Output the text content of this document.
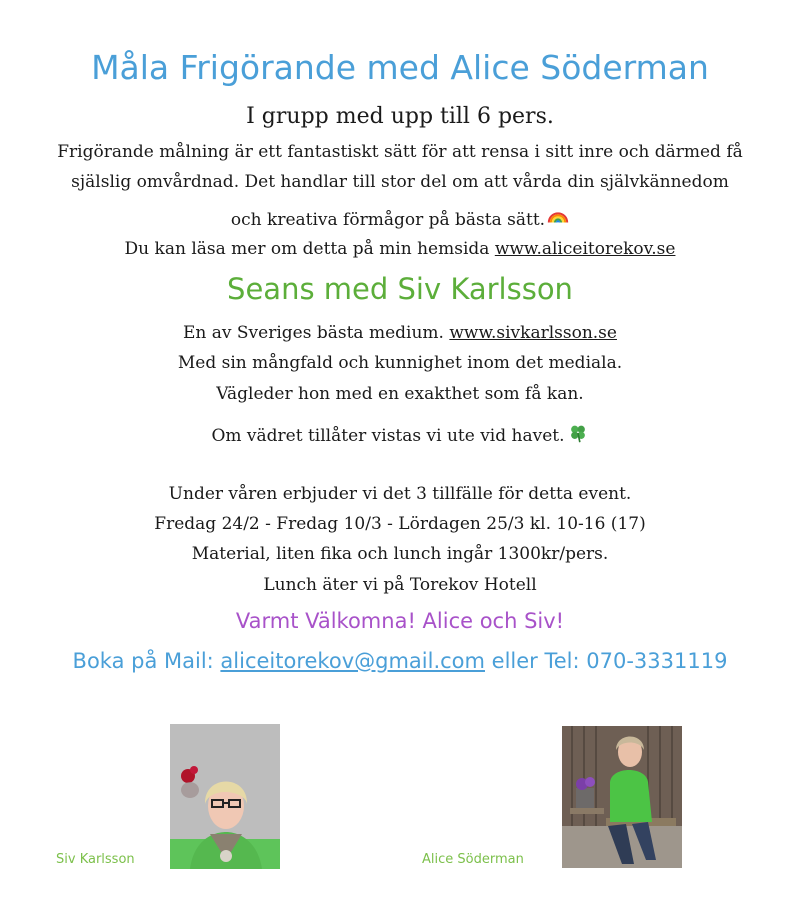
Måla Frigörande med Alice Söderman
I grupp med upp till 6 pers.
Frigörande målning är ett fantastiskt sätt för att rensa i sitt inre och därmed få
själslig omvårdnad. Det handlar till stor del om att vårda din självkännedom
och kreativa förmågor på bästa sätt.
Du kan läsa mer om detta på min hemsida www.aliceitorekov.se
Seans med Siv Karlsson
En av Sveriges bästa medium. www.sivkarlsson.se
Med sin mångfald och kunnighet inom det mediala.
Vägleder hon med en exakthet som få kan.
Om vädret tillåter vistas vi ute vid havet.
Under våren erbjuder vi det 3 tillfälle för detta event.
Fredag 24/2 - Fredag 10/3 - Lördagen 25/3 kl. 10-16 (17)
Material, liten fika och lunch ingår 1300kr/pers.
Lunch äter vi på Torekov Hotell
Varmt Välkomna! Alice och Siv!
Boka på Mail: aliceitorekov@gmail.com eller Tel: 070-3331119
Siv Karlsson	Alice Söderman
